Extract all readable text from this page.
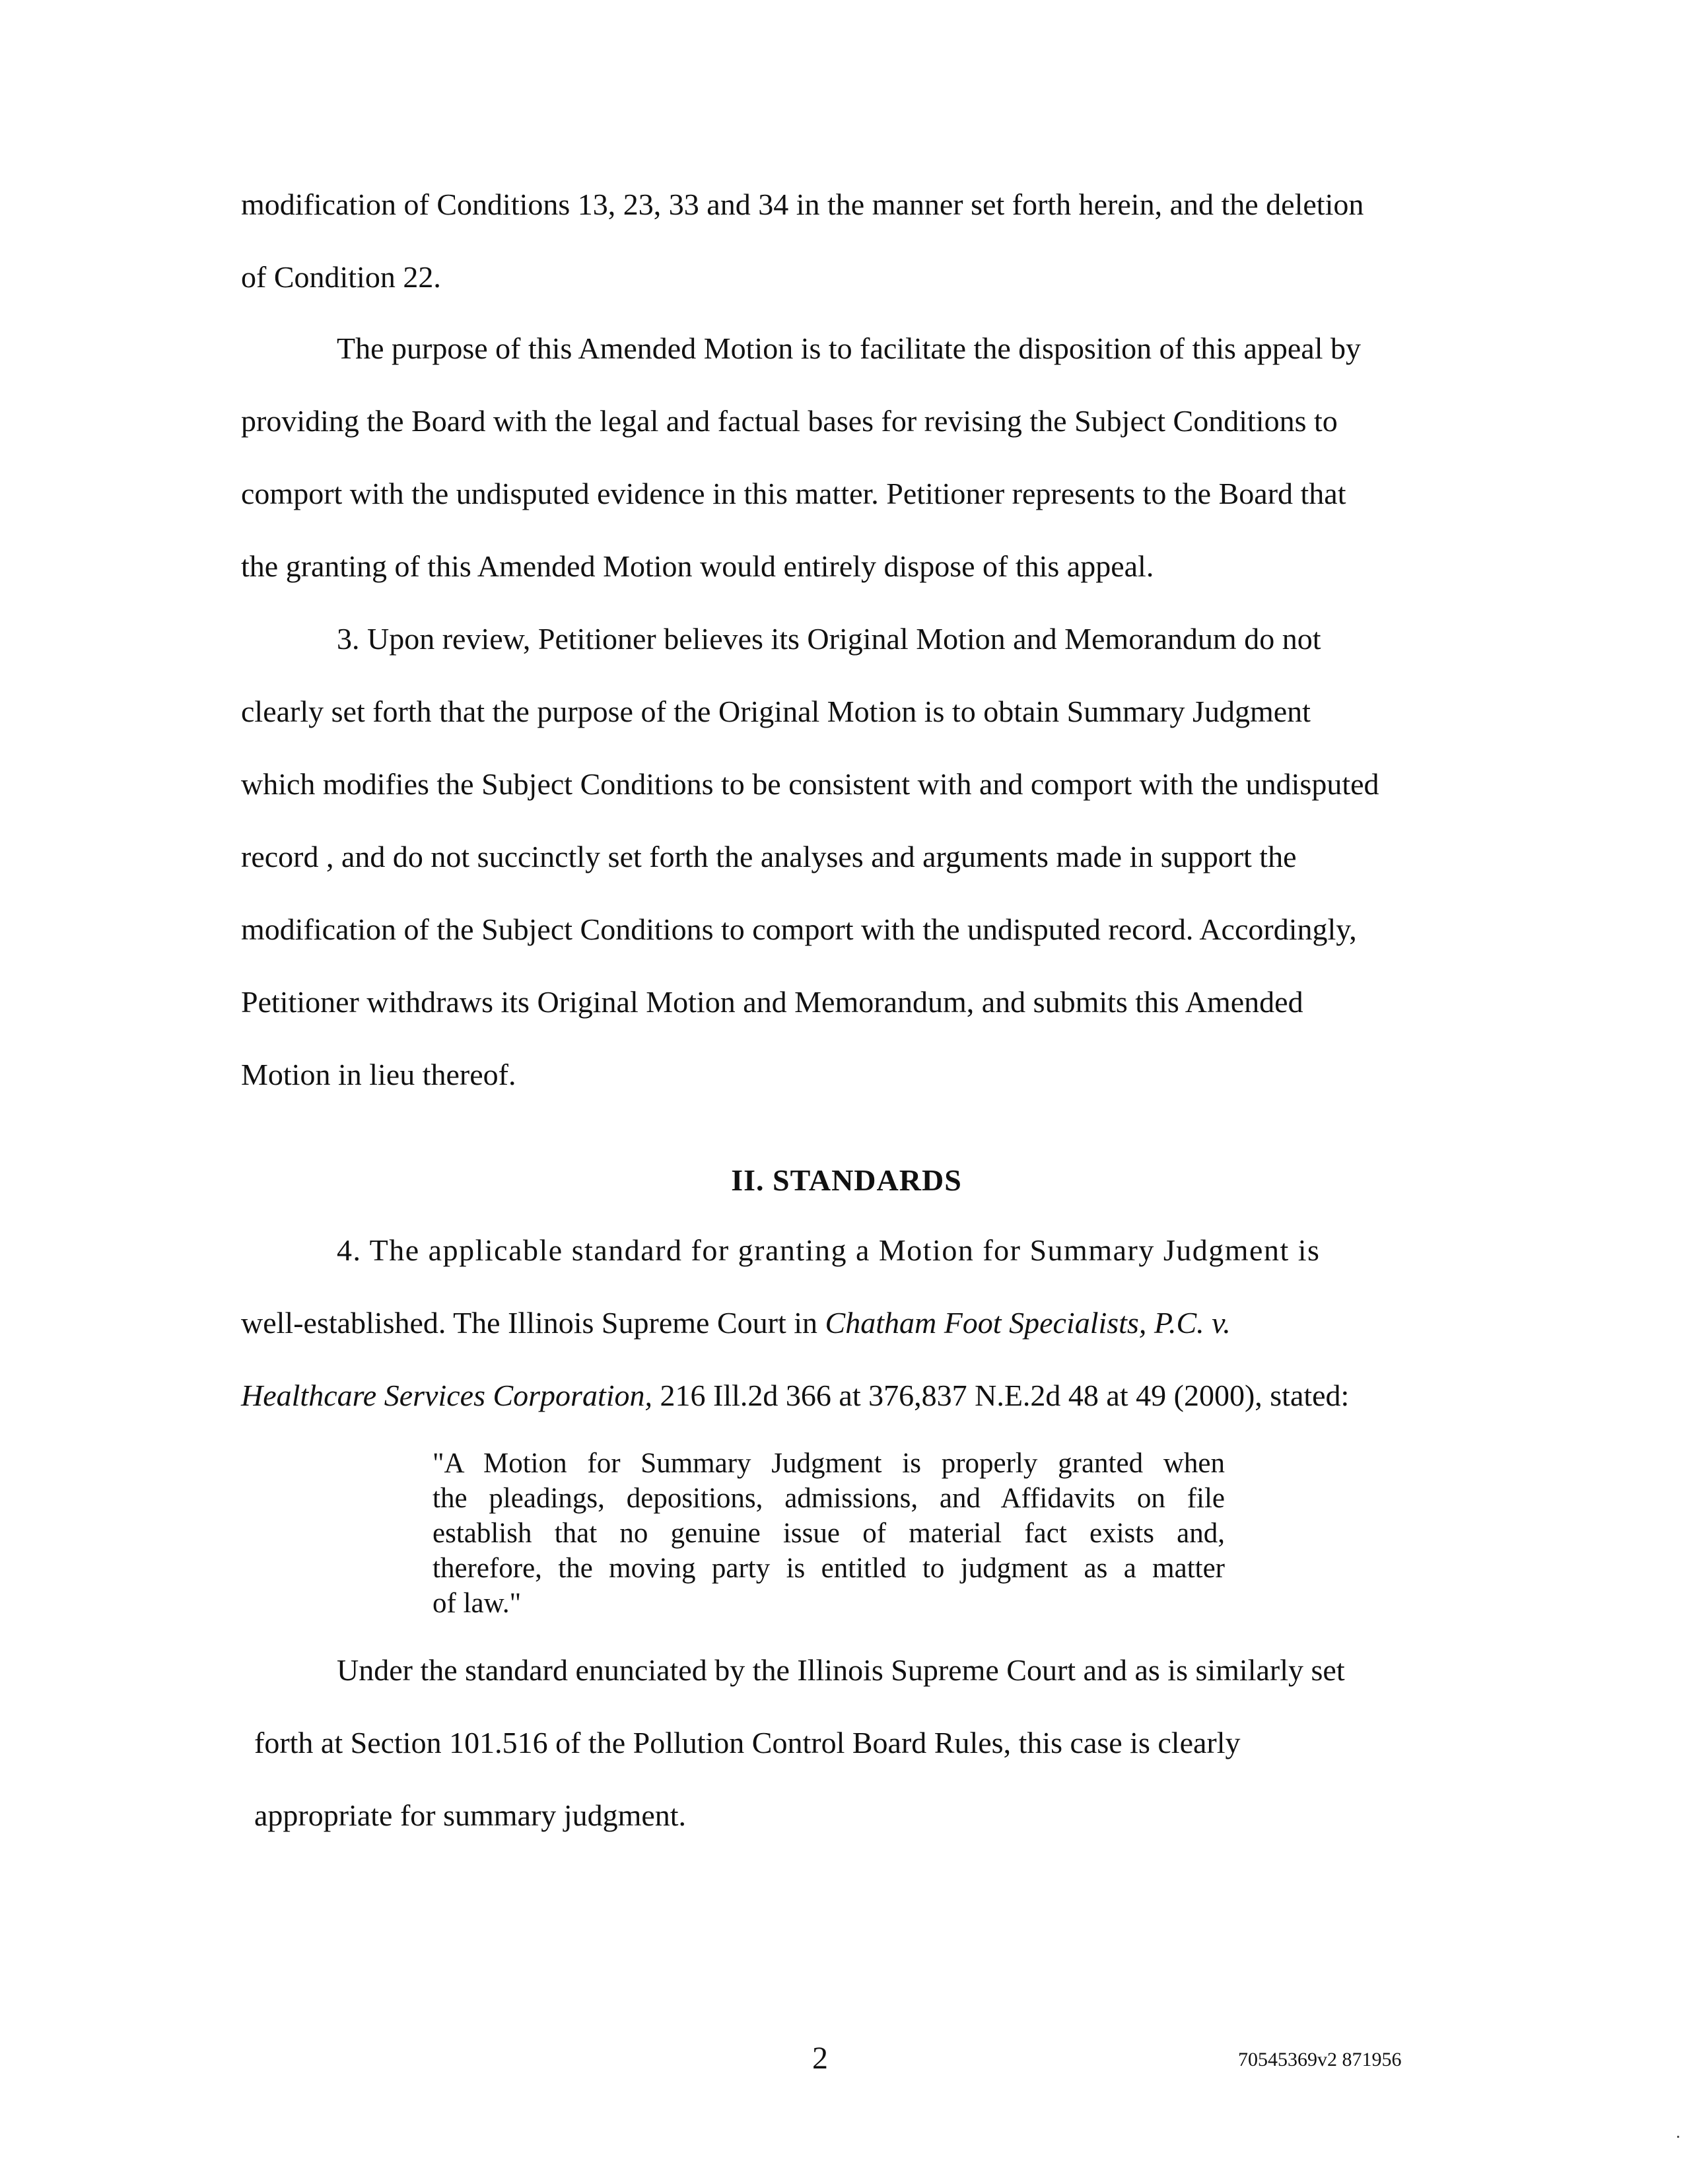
modification of Conditions 13, 23, 33 and 34 in the manner set forth herein, and the deletion
of Condition 22.
The purpose of this Amended Motion is to facilitate the disposition of this appeal by
providing the Board with the legal and factual bases for revising the Subject Conditions to
comport with the undisputed evidence in this matter. Petitioner represents to the Board that
the granting of this Amended Motion would entirely dispose of this appeal.
3. Upon review, Petitioner believes its Original Motion and Memorandum do not
clearly set forth that the purpose of the Original Motion is to obtain Summary Judgment
which modifies the Subject Conditions to be consistent with and comport with the undisputed
record , and do not succinctly set forth the analyses and arguments made in support the
modification of the Subject Conditions to comport with the undisputed record. Accordingly,
Petitioner withdraws its Original Motion and Memorandum, and submits this Amended
Motion in lieu thereof.
II. STANDARDS
4. The applicable standard for granting a Motion for Summary Judgment is
well-established. The Illinois Supreme Court in Chatham Foot Specialists, P.C. v.
Healthcare Services Corporation, 216 Ill.2d 366 at 376,837 N.E.2d 48 at 49 (2000), stated:
"A Motion for Summary Judgment is properly granted when
the pleadings, depositions, admissions, and Affidavits on file
establish that no genuine issue of material fact exists and,
therefore, the moving party is entitled to judgment as a matter
of law."
Under the standard enunciated by the Illinois Supreme Court and as is similarly set
forth at Section 101.516 of the Pollution Control Board Rules, this case is clearly
appropriate for summary judgment.
2	70545369v2 871956
